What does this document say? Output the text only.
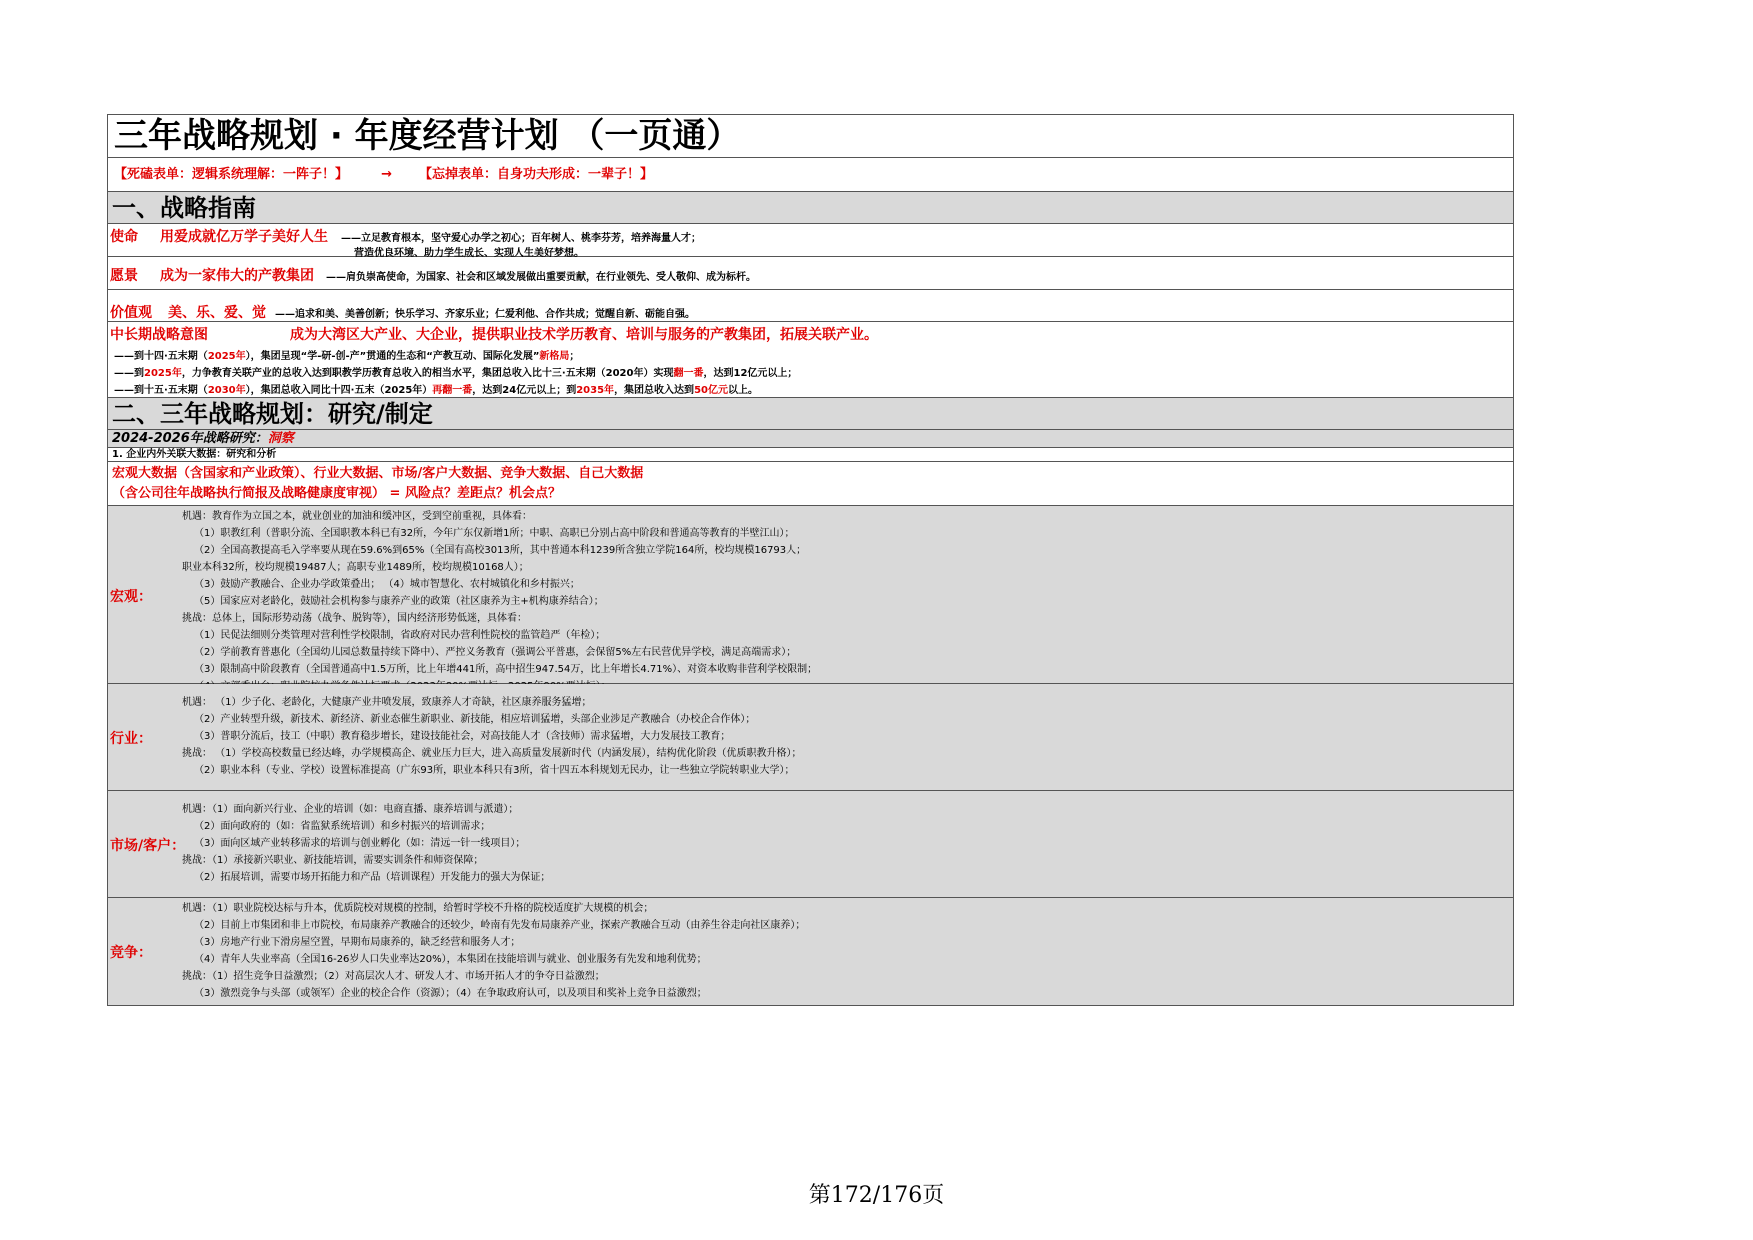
三年战略规划 · 年度经营计划 （一页通）
【死磕表单：逻辑系统理解：一阵子！】	→ 【忘掉表单：自身功夫形成：一辈子！】
一、战略指南
使命 用爱成就亿万学子美好人生 ——立足教育根本，坚守爱心办学之初心；百年树人、桃李芬芳，培养海量人才；
营造优良环境、助力学生成长、实现人生美好梦想。
愿景 成为一家伟大的产教集团 ——肩负崇高使命，为国家、社会和区域发展做出重要贡献，在行业领先、受人敬仰、成为标杆。
价值观 美、乐、爱、觉 ——追求和美、美善创新；快乐学习、齐家乐业；仁爱利他、合作共成；觉醒自新、砺能自强。
中长期战略意图	成为大湾区大产业、大企业，提供职业技术学历教育、培训与服务的产教集团，拓展关联产业。
——到十四·五末期（2025年），集团呈现“学-研-创-产”贯通的生态和“产教互动、国际化发展”新格局；
——到2025年，力争教育关联产业的总收入达到职教学历教育总收入的相当水平，集团总收入比十三·五末期（2020年）实现翻一番，达到12亿元以上；
——到十五·五末期（2030年），集团总收入同比十四·五末（2025年）再翻一番，达到24亿元以上；到2035年，集团总收入达到50亿元以上。
二、三年战略规划：研究/制定
2024-2026年战略研究：洞察
1. 企业内外关联大数据：研究和分析
宏观大数据（含国家和产业政策）、行业大数据、市场/客户大数据、竞争大数据、自己大数据
（含公司往年战略执行简报及战略健康度审视） = 风险点？差距点？机会点？
宏观：
机遇：教育作为立国之本，就业创业的加油和缓冲区，受到空前重视，具体看：
（1）职教红利（普职分流、全国职教本科已有32所，今年广东仅新增1所；中职、高职已分别占高中阶段和普通高等教育的半壁江山）；
（2）全国高教提高毛入学率要从现在59.6%到65%（全国有高校3013所，其中普通本科1239所含独立学院164所，校均规模16793人；
职业本科32所，校均规模19487人；高职专业1489所，校均规模10168人）；
（3）鼓励产教融合、企业办学政策叠出； （4）城市智慧化、农村城镇化和乡村振兴；
（5）国家应对老龄化，鼓励社会机构参与康养产业的政策（社区康养为主+机构康养结合）；
挑战：总体上，国际形势动荡（战争、脱钩等），国内经济形势低迷，具体看：
（1）民促法细则分类管理对营利性学校限制，省政府对民办营利性院校的监管趋严（年检）；
（2）学前教育普惠化（全国幼儿园总数量持续下降中）、严控义务教育（强调公平普惠，会保留5%左右民营优异学校，满足高端需求）；
（3）限制高中阶段教育（全国普通高中1.5万所，比上年增441所，高中招生947.54万，比上年增长4.71%）、对资本收购非营利学校限制；
行业：
机遇： （1）少子化、老龄化，大健康产业井喷发展，致康养人才奇缺，社区康养服务猛增；
（2）产业转型升级，新技术、新经济、新业态催生新职业、新技能，相应培训猛增，头部企业涉足产教融合（办校企合作体）；
（3）普职分流后，技工（中职）教育稳步增长，建设技能社会，对高技能人才（含技师）需求猛增，大力发展技工教育；
挑战： （1）学校高校数量已经达峰，办学规模高企、就业压力巨大，进入高质量发展新时代（内涵发展），结构优化阶段（优质职教升格）；
（2）职业本科（专业、学校）设置标准提高（广东93所，职业本科只有3所，省十四五本科规划无民办，让一些独立学院转职业大学）；
市场/客户：
机遇：（1）面向新兴行业、企业的培训（如：电商直播、康养培训与派遣）；
（2）面向政府的（如：省监狱系统培训）和乡村振兴的培训需求；
（3）面向区域产业转移需求的培训与创业孵化（如：清远一针一线项目）；
挑战：（1）承接新兴职业、新技能培训，需要实训条件和师资保障；
（2）拓展培训，需要市场开拓能力和产品（培训课程）开发能力的强大为保证；
竞争：
机遇：（1）职业院校达标与升本，优质院校对规模的控制，给暂时学校不升格的院校适度扩大规模的机会；
（2）目前上市集团和非上市院校，布局康养产教融合的还较少，岭南有先发布局康养产业，探索产教融合互动（由养生谷走向社区康养）；
（3）房地产行业下滑房屋空置，早期布局康养的，缺乏经营和服务人才；
（4）青年人失业率高（全国16-26岁人口失业率达20%），本集团在技能培训与就业、创业服务有先发和地利优势；
挑战：（1）招生竞争日益激烈；（2）对高层次人才、研发人才、市场开拓人才的争夺日益激烈；
（3）激烈竞争与头部（或领军）企业的校企合作（资源）；（4）在争取政府认可，以及项目和奖补上竞争日益激烈；
第172/176页
